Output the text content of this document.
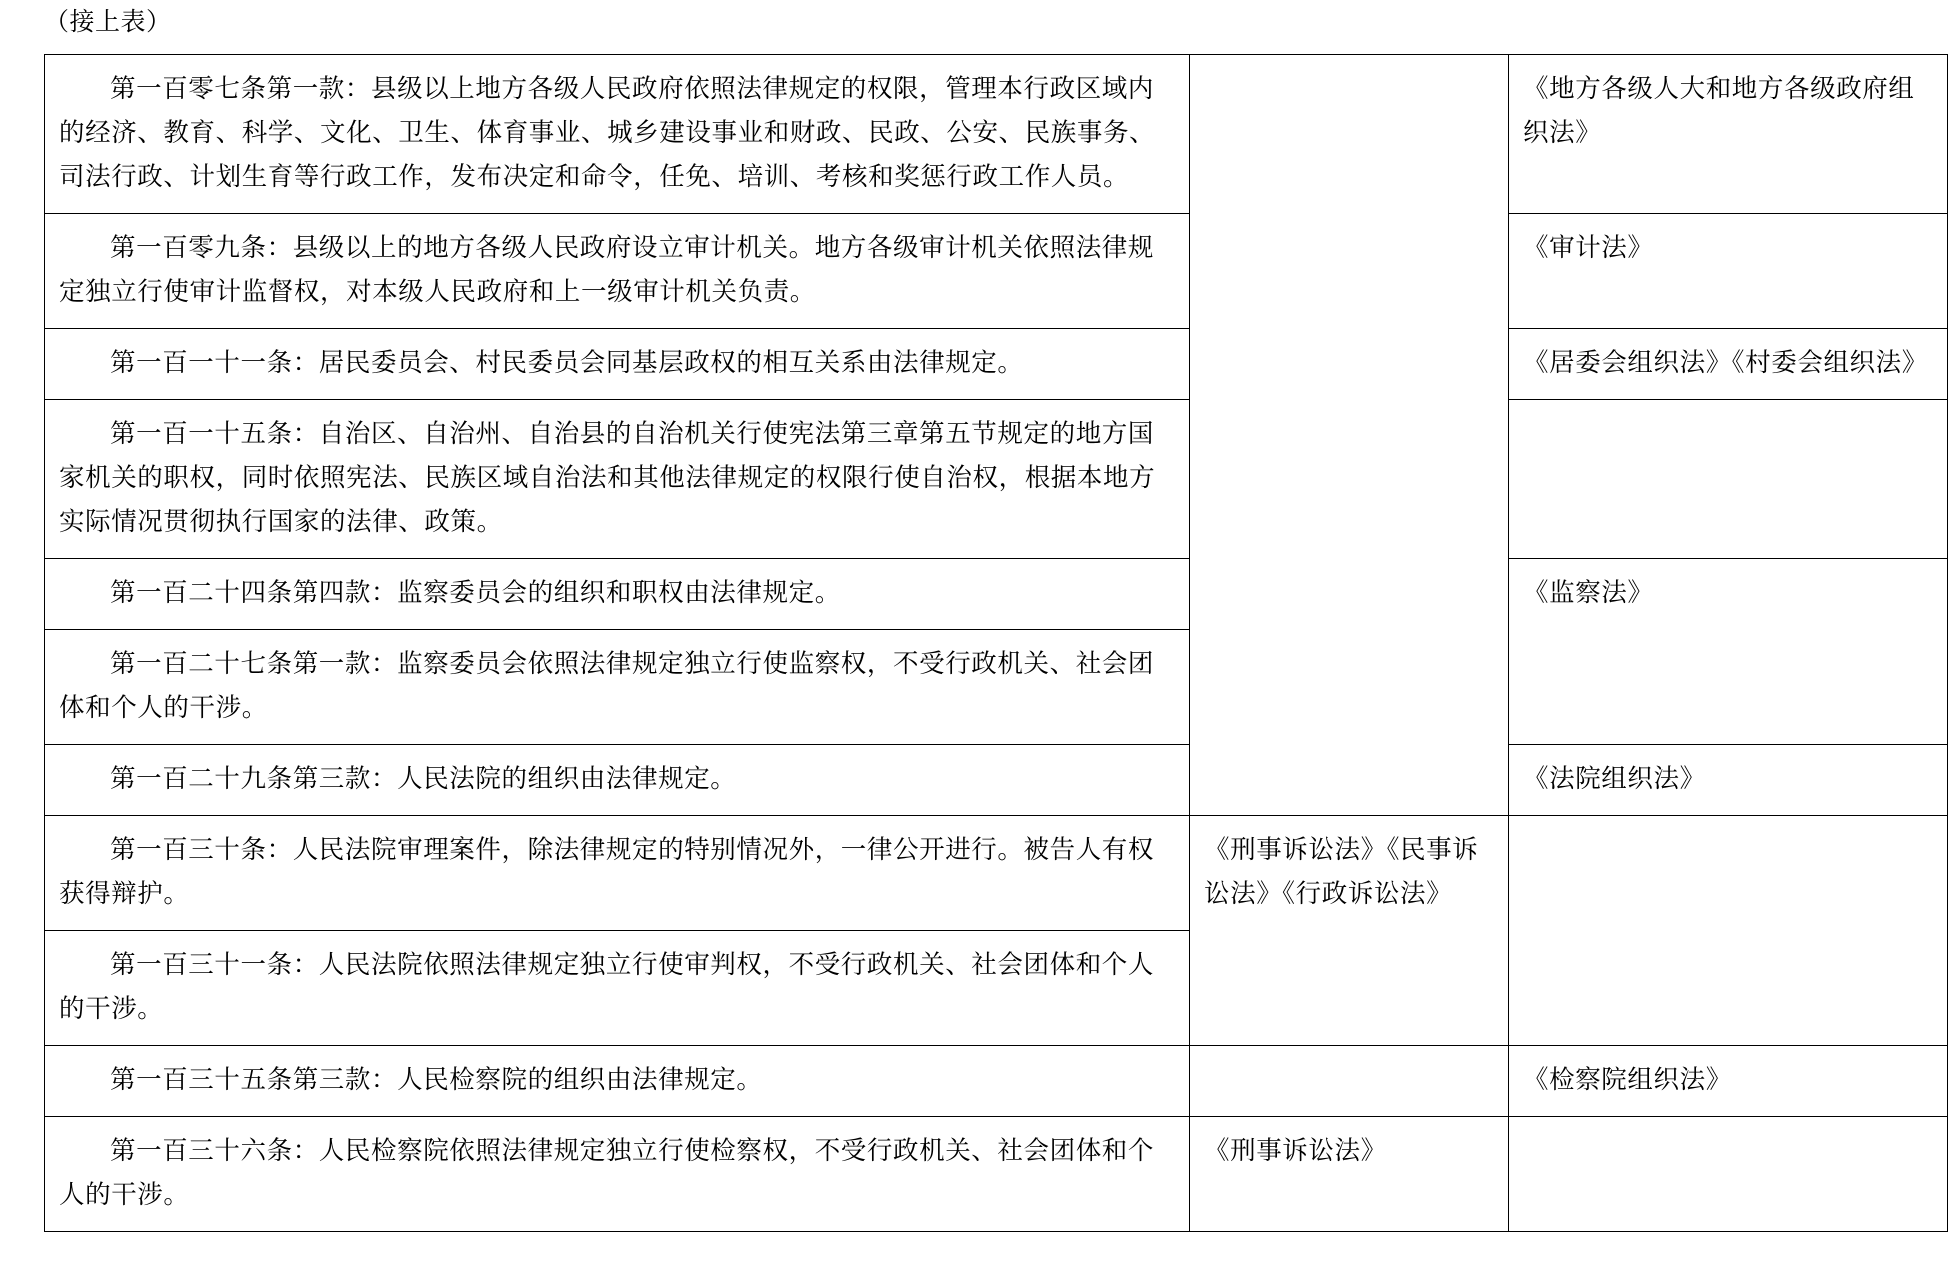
（接上表）
第一百零七条第一款：县级以上地方各级人民政府依照法律规定的权限，管理本行政区域内的经济、教育、科学、文化、卫生、体育事业、城乡建设事业和财政、民政、公安、民族事务、司法行政、计划生育等行政工作，发布决定和命令，任免、培训、考核和奖惩行政工作人员。		《地方各级人大和地方各级政府组织法》

第一百零九条：县级以上的地方各级人民政府设立审计机关。地方各级审计机关依照法律规定独立行使审计监督权，对本级人民政府和上一级审计机关负责。		《审计法》

第一百一十一条：居民委员会、村民委员会同基层政权的相互关系由法律规定。		《居委会组织法》《村委会组织法》

第一百一十五条：自治区、自治州、自治县的自治机关行使宪法第三章第五节规定的地方国家机关的职权，同时依照宪法、民族区域自治法和其他法律规定的权限行使自治权，根据本地方实际情况贯彻执行国家的法律、政策。		

第一百二十四条第四款：监察委员会的组织和职权由法律规定。		《监察法》

第一百二十七条第一款：监察委员会依照法律规定独立行使监察权，不受行政机关、社会团体和个人的干涉。		

第一百二十九条第三款：人民法院的组织由法律规定。		《法院组织法》

第一百三十条：人民法院审理案件，除法律规定的特别情况外，一律公开进行。被告人有权获得辩护。	《刑事诉讼法》《民事诉讼法》《行政诉讼法》	

第一百三十一条：人民法院依照法律规定独立行使审判权，不受行政机关、社会团体和个人的干涉。		

第一百三十五条第三款：人民检察院的组织由法律规定。		《检察院组织法》

第一百三十六条：人民检察院依照法律规定独立行使检察权，不受行政机关、社会团体和个人的干涉。	《刑事诉讼法》	
